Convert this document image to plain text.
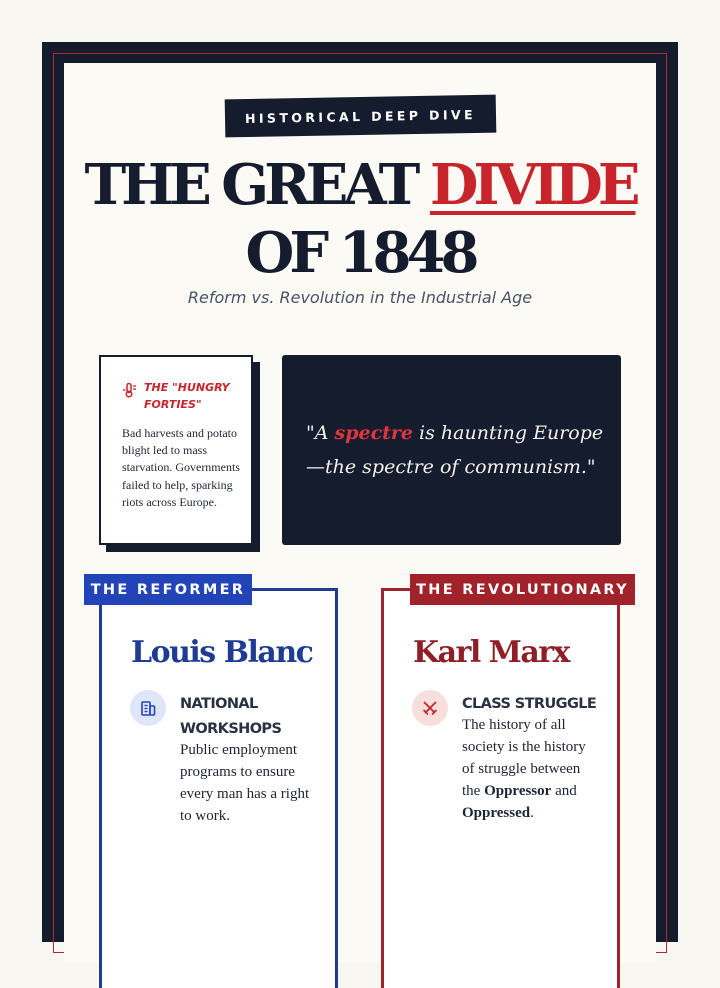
HISTORICAL DEEP DIVE
THE GREAT DIVIDE
OF 1848
Reform vs. Revolution in the Industrial Age
THE "HUNGRY FORTIES"
Bad harvests and potato blight led to mass starvation. Governments failed to help, sparking riots across Europe.
"A spectre is haunting Europe —the spectre of communism."
THE REFORMER
Louis Blanc
NATIONAL WORKSHOPS
Public employment programs to ensure every man has a right to work.
THE REVOLUTIONARY
Karl Marx
CLASS STRUGGLE
The history of all society is the history of struggle between the Oppressor and Oppressed.
